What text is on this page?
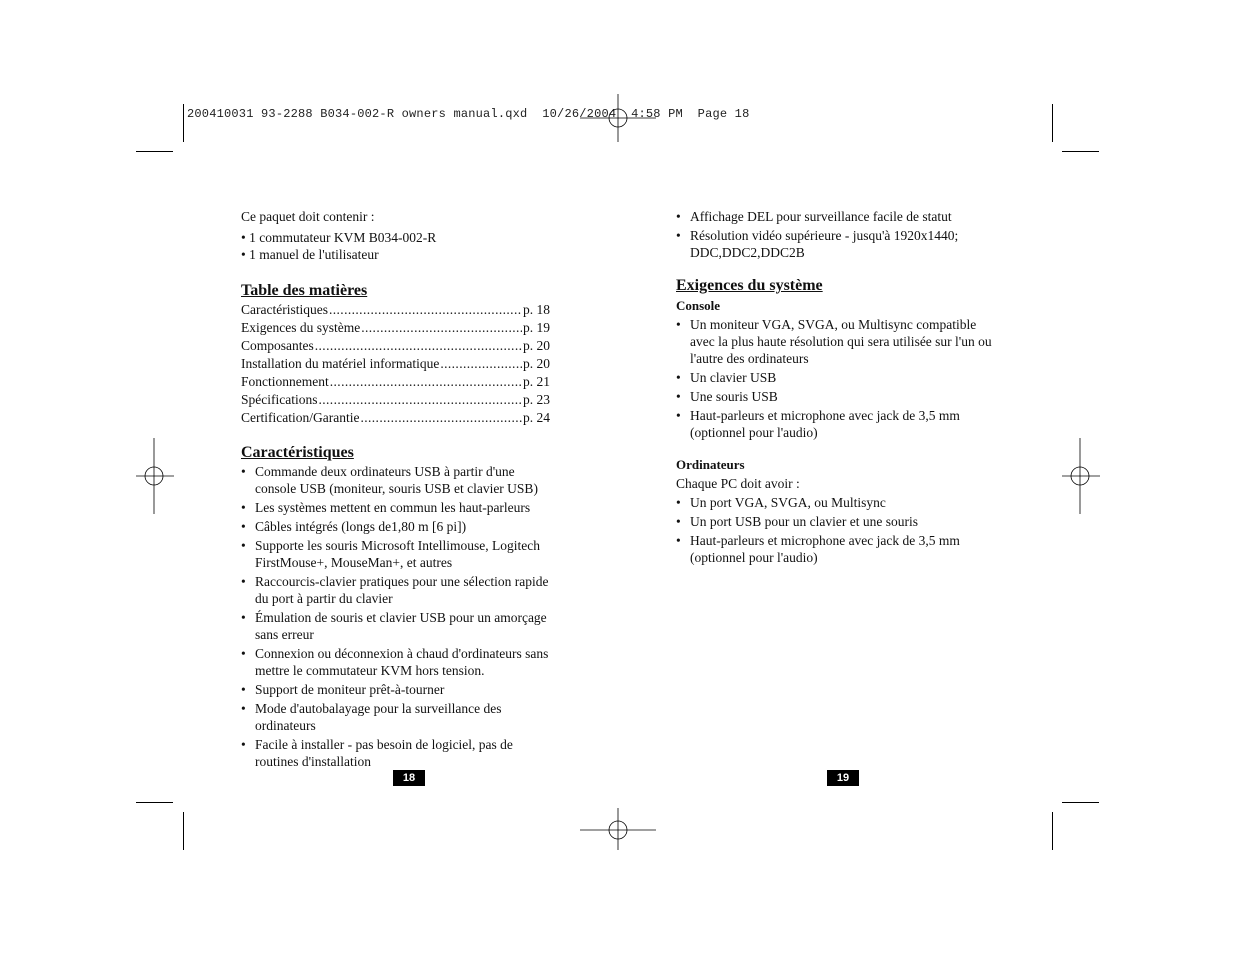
200410031 93-2288 B034-002-R owners manual.qxd  10/26/2004  4:58 PM  Page 18

Ce paquet doit contenir :

• 1 commutateur KVM B034-002-R
• 1 manuel de l'utilisateur
Table des matières
Caractéristiques .....	p. 18
Exigences du système .....	p. 19
Composantes .....	p. 20
Installation du matériel informatique .....	p. 20
Fonctionnement .....	p. 21
Spécifications .....	p. 23
Certification/Garantie .....	p. 24
Caractéristiques
• Commande deux ordinateurs USB à partir d'une console USB (moniteur, souris USB et clavier USB)
• Les systèmes mettent en commun les haut-parleurs
• Câbles intégrés (longs de1,80 m [6 pi])
• Supporte les souris Microsoft Intellimouse, Logitech FirstMouse+, MouseMan+, et autres
• Raccourcis-clavier pratiques pour une sélection rapide du port à partir du clavier
• Émulation de souris et clavier USB pour un amorçage sans erreur
• Connexion ou déconnexion à chaud d'ordinateurs sans mettre le commutateur KVM hors tension.
• Support de moniteur prêt-à-tourner
• Mode d'autobalayage pour la surveillance des ordinateurs
• Facile à installer - pas besoin de logiciel, pas de routines d'installation
18
• Affichage DEL pour surveillance facile de statut
• Résolution vidéo supérieure - jusqu'à 1920x1440; DDC,DDC2,DDC2B
Exigences du système
Console
• Un moniteur VGA, SVGA, ou Multisync compatible avec la plus haute résolution qui sera utilisée sur l'un ou l'autre des ordinateurs
• Un clavier USB
• Une souris USB
• Haut-parleurs et microphone avec jack de 3,5 mm (optionnel pour l'audio)
Ordinateurs

Chaque PC doit avoir :

• Un port VGA, SVGA, ou Multisync
• Un port USB pour un clavier et une souris
• Haut-parleurs et microphone avec jack de 3,5 mm (optionnel pour l'audio)
19
